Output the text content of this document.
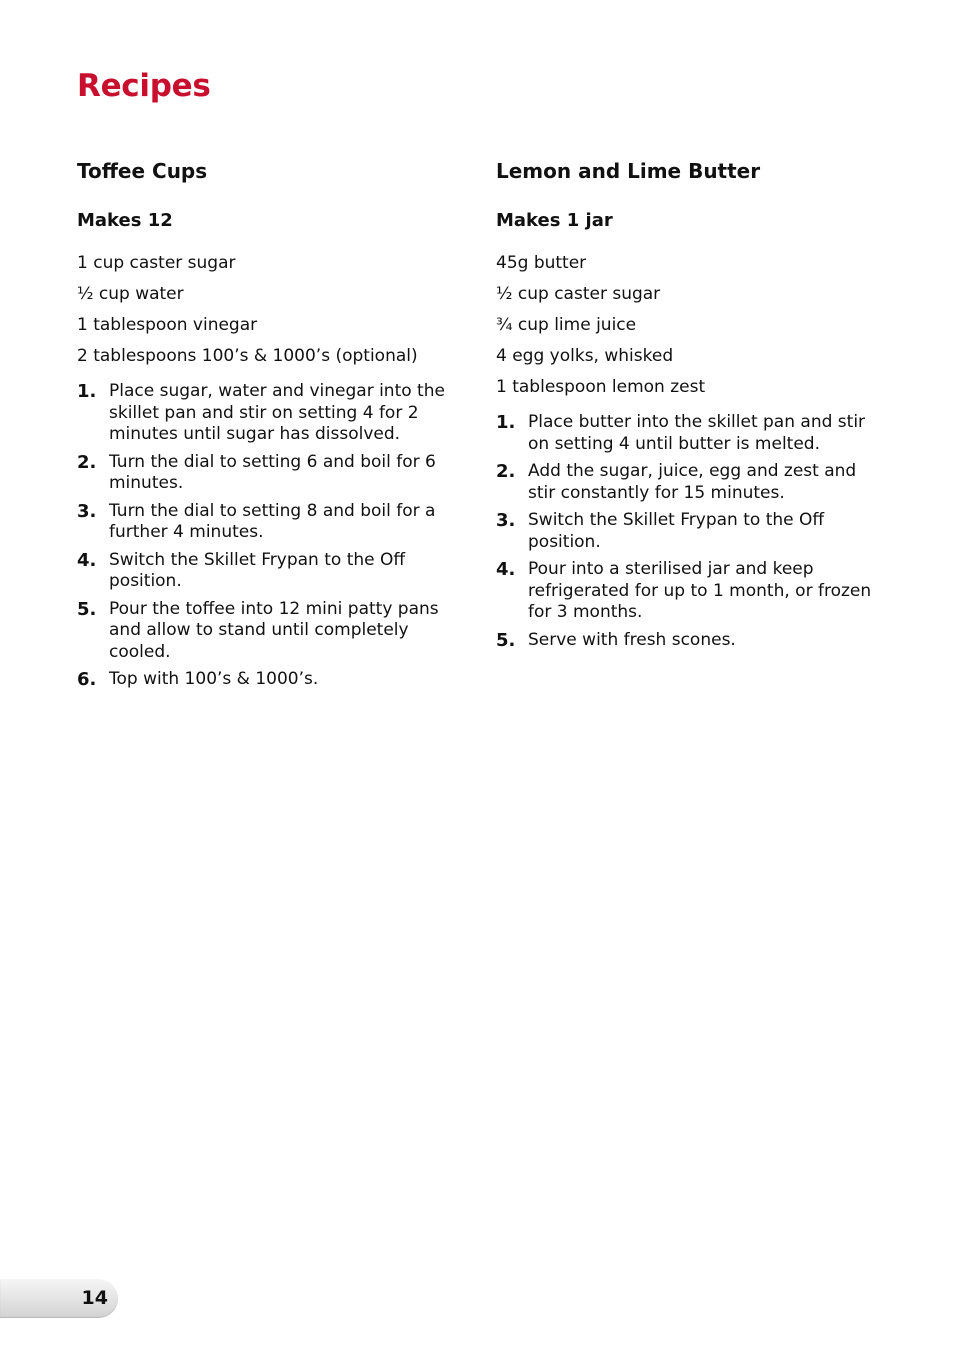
Recipes
Toffee Cups

Makes 12

1 cup caster sugar
½ cup water
1 tablespoon vinegar
2 tablespoons 100’s & 1000’s (optional)
1. Place sugar, water and vinegar into the skillet pan and stir on setting 4 for 2 minutes until sugar has dissolved.
2. Turn the dial to setting 6 and boil for 6 minutes.
3. Turn the dial to setting 8 and boil for a further 4 minutes.
4. Switch the Skillet Frypan to the Off position.
5. Pour the toffee into 12 mini patty pans and allow to stand until completely cooled.
6. Top with 100’s & 1000’s.
Lemon and Lime Butter

Makes 1 jar

45g butter
½ cup caster sugar
¾ cup lime juice
4 egg yolks, whisked
1 tablespoon lemon zest
1. Place butter into the skillet pan and stir on setting 4 until butter is melted.
2. Add the sugar, juice, egg and zest and stir constantly for 15 minutes.
3. Switch the Skillet Frypan to the Off position.
4. Pour into a sterilised jar and keep refrigerated for up to 1 month, or frozen for 3 months.
5. Serve with fresh scones.
14
